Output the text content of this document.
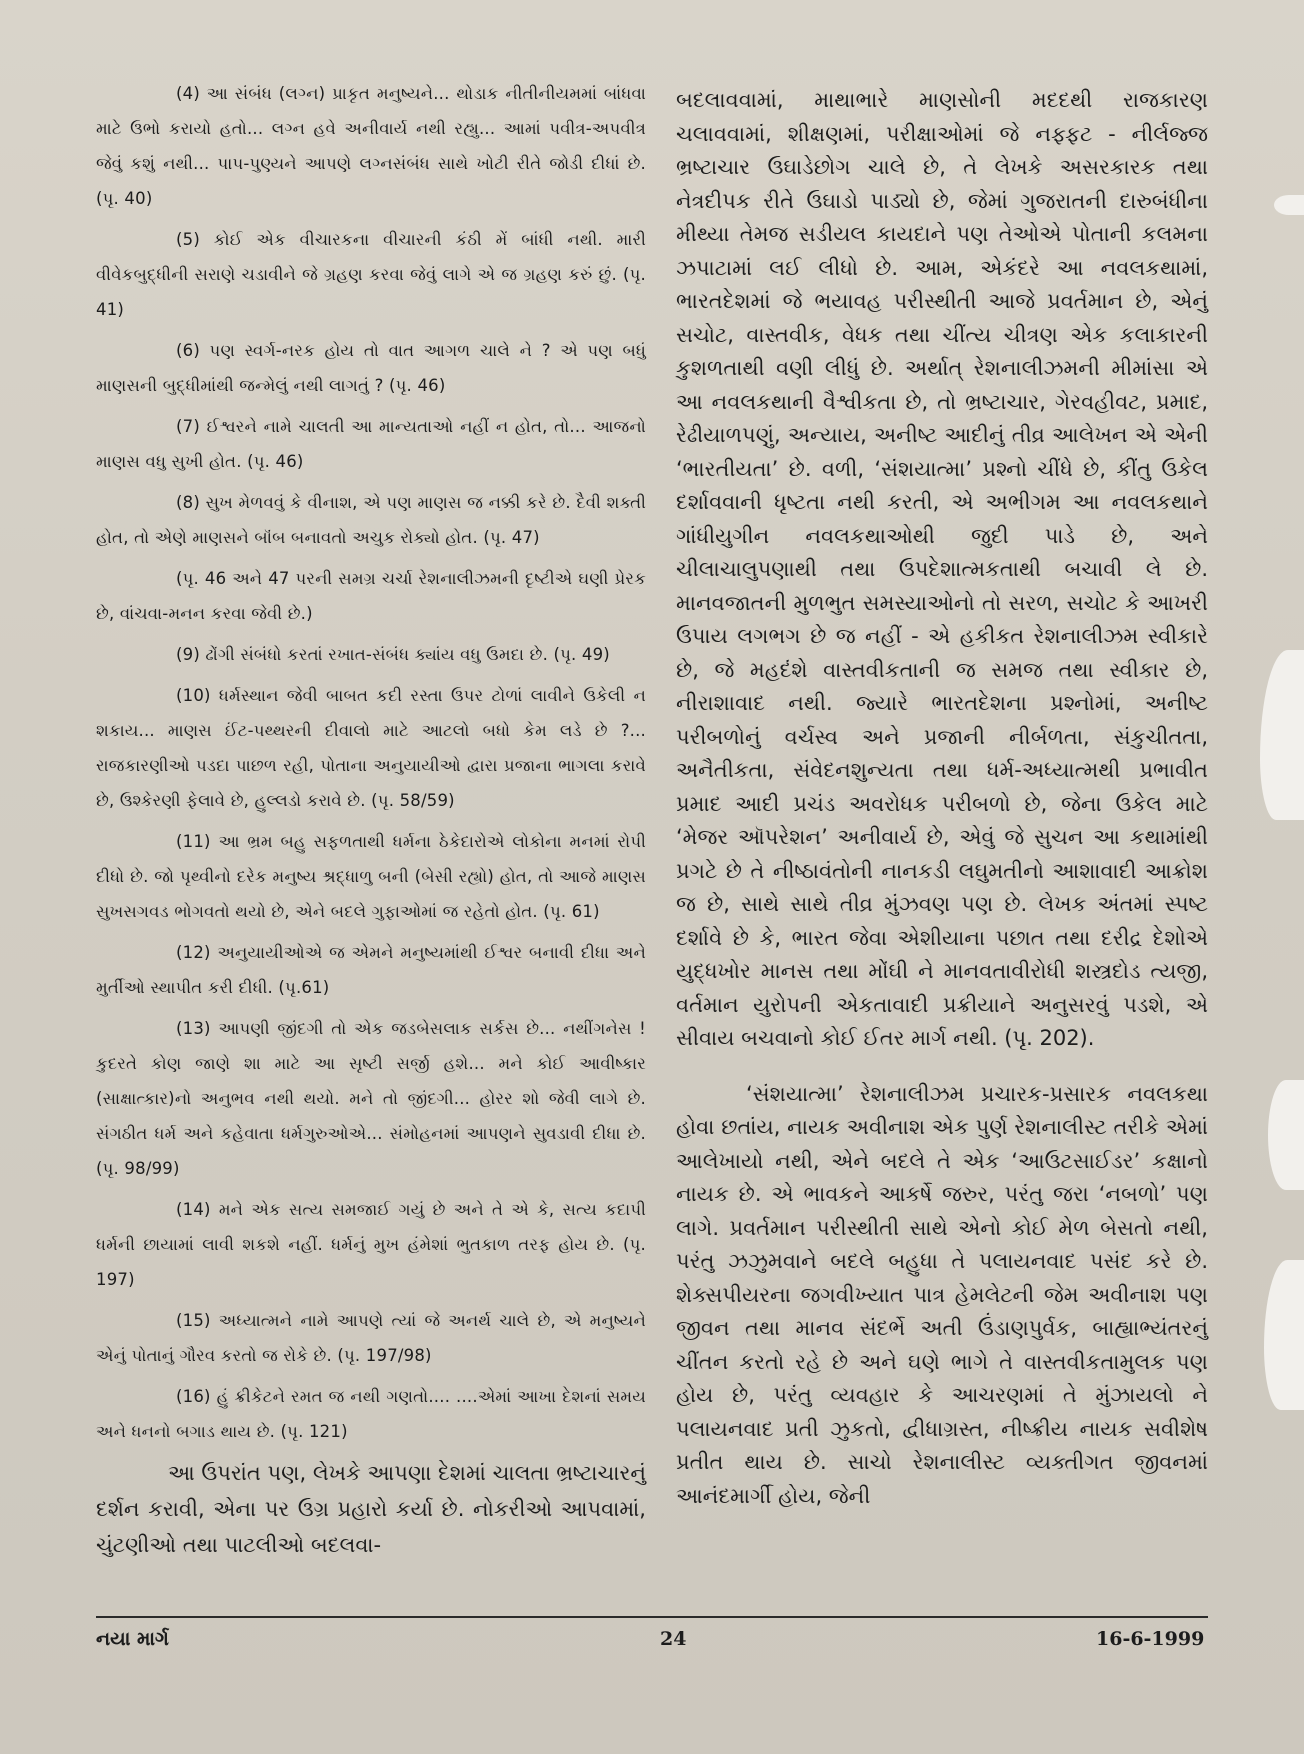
(4) આ સંબંધ (લગ્ન) પ્રાકૃત મનુષ્યને... થોડાક નીતીનીયમમાં બાંધવા માટે ઉભો કરાયો હતો... લગ્ન હવે અનીવાર્ય નથી રહ્યુ... આમાં પવીત્ર-અપવીત્ર જેવું કશું નથી... પાપ-પુણ્યને આપણે લગ્નસંબંધ સાથે ખોટી રીતે જોડી દીધાં છે. (પૃ. 40)

(5) કોઈ એક વીચારકના વીચારની કંઠી મેં બાંધી નથી. મારી વીવેકબુદ્ધીની સરાણે ચડાવીને જે ગ્રહણ કરવા જેવું લાગે એ જ ગ્રહણ કરું છું. (પૃ. 41)

(6) પણ સ્વર્ગ-નરક હોય તો વાત આગળ ચાલે ને ? એ પણ બધું માણસની બુદ્ધીમાંથી જન્મેલું નથી લાગતું ? (પૃ. 46)

(7) ઈશ્વરને નામે ચાલતી આ માન્યતાઓ નહીં ન હોત, તો... આજનો માણસ વધુ સુખી હોત. (પૃ. 46)

(8) સુખ મેળવવું કે વીનાશ, એ પણ માણસ જ નક્કી કરે છે. દૈવી શક્તી હોત, તો એણે માણસને બૉંબ બનાવતો અચુક રોક્યો હોત. (પૃ. 47)

(પૃ. 46 અને 47 પરની સમગ્ર ચર્ચા રેશનાલીઝમની દૃષ્ટીએ ઘણી પ્રેરક છે, વાંચવા-મનન કરવા જેવી છે.)

(9) ઢોંગી સંબંધો કરતાં રખાત-સંબંધ ક્યાંય વધુ ઉમદા છે. (પૃ. 49)

(10) ધર્મસ્થાન જેવી બાબત કદી રસ્તા ઉપર ટોળાં લાવીને ઉકેલી ન શકાય... માણસ ઈંટ-પથ્થરની દીવાલો માટે આટલો બધો કેમ લડે છે ?... રાજકારણીઓ પડદા પાછળ રહી, પોતાના અનુયાયીઓ દ્વારા પ્રજાના ભાગલા કરાવે છે, ઉશ્કેરણી ફેલાવે છે, હુલ્લડો કરાવે છે. (પૃ. 58/59)

(11) આ ભ્રમ બહુ સફળતાથી ધર્મના ઠેકેદારોએ લોકોના મનમાં રોપી દીધો છે. જો પૃથ્વીનો દરેક મનુષ્ય શ્રદ્ધાળુ બની (બેસી રહ્યો) હોત, તો આજે માણસ સુખસગવડ ભોગવતો થયો છે, એને બદલે ગુફાઓમાં જ રહેતો હોત. (પૃ. 61)

(12) અનુયાયીઓએ જ એમને મનુષ્યમાંથી ઈશ્વર બનાવી દીધા અને મુર્તીઓ સ્થાપીત કરી દીધી. (પૃ.61)

(13) આપણી જીંદગી તો એક જડબેસલાક સર્કસ છે... નથીંગનેસ ! કુદરતે કોણ જાણે શા માટે આ સૃષ્ટી સર્જી હશે... મને કોઈ આવીષ્કાર (સાક્ષાત્કાર)નો અનુભવ નથી થયો. મને તો જીંદગી... હોરર શો જેવી લાગે છે. સંગઠીત ધર્મ અને કહેવાતા ધર્મગુરુઓએ... સંમોહનમાં આપણને સુવડાવી દીધા છે. (પૃ. 98/99)

(14) મને એક સત્ય સમજાઈ ગયું છે અને તે એ કે, સત્ય કદાપી ધર્મની છાયામાં લાવી શકશે નહીં. ધર્મનું મુખ હંમેશાં ભુતકાળ તરફ હોય છે. (પૃ. 197)

(15) અધ્યાત્મને નામે આપણે ત્યાં જે અનર્થ ચાલે છે, એ મનુષ્યને એનું પોતાનું ગૌરવ કરતો જ રોકે છે. (પૃ. 197/98)

(16) હું ક્રીકેટને રમત જ નથી ગણતો.... ....એમાં આખા દેશનાં સમય અને ધનનો બગાડ થાય છે. (પૃ. 121)

આ ઉપરાંત પણ, લેખકે આપણા દેશમાં ચાલતા ભ્રષ્ટાચારનું દર્શન કરાવી, એના પર ઉગ્ર પ્રહારો કર્યા છે. નોકરીઓ આપવામાં, ચુંટણીઓ તથા પાટલીઓ બદલવા-

બદલાવવામાં, માથાભારે માણસોની મદદથી રાજકારણ ચલાવવામાં, શીક્ષણમાં, પરીક્ષાઓમાં જે નફ્ફટ - નીર્લજ્જ ભ્રષ્ટાચાર ઉઘાડેછોગ ચાલે છે, તે લેખકે અસરકારક તથા નેત્રદીપક રીતે ઉઘાડો પાડ્યો છે, જેમાં ગુજરાતની દારુબંધીના મીથ્યા તેમજ સડીયલ કાયદાને પણ તેઓએ પોતાની કલમના ઝપાટામાં લઈ લીધો છે. આમ, એકંદરે આ નવલકથામાં, ભારતદેશમાં જે ભયાવહ પરીસ્થીતી આજે પ્રવર્તમાન છે, એનું સચોટ, વાસ્તવીક, વેધક તથા ચીંત્ય ચીત્રણ એક કલાકારની કુશળતાથી વણી લીધું છે. અર્થાત્ રેશનાલીઝમની મીમાંસા એ આ નવલકથાની વૈશ્વીકતા છે, તો ભ્રષ્ટાચાર, ગેરવહીવટ, પ્રમાદ, રેઢીયાળપણું, અન્યાય, અનીષ્ટ આદીનું તીવ્ર આલેખન એ એની ‘ભારતીયતા’ છે. વળી, ‘સંશયાત્મા’ પ્રશ્નો ચીંધે છે, કીંતુ ઉકેલ દર્શાવવાની ધૃષ્ટતા નથી કરતી, એ અભીગમ આ નવલકથાને ગાંધીયુગીન નવલકથાઓથી જુદી પાડે છે, અને ચીલાચાલુપણાથી તથા ઉપદેશાત્મકતાથી બચાવી લે છે. માનવજાતની મુળભુત સમસ્યાઓનો તો સરળ, સચોટ કે આખરી ઉપાય લગભગ છે જ નહીં - એ હકીકત રેશનાલીઝમ સ્વીકારે છે, જે મહદંશે વાસ્તવીકતાની જ સમજ તથા સ્વીકાર છે, નીરાશાવાદ નથી. જ્યારે ભારતદેશના પ્રશ્નોમાં, અનીષ્ટ પરીબળોનું વર્ચસ્વ અને પ્રજાની નીર્બળતા, સંકુચીતતા, અનૈતીકતા, સંવેદનશુન્યતા તથા ધર્મ-અધ્યાત્મથી પ્રભાવીત પ્રમાદ આદી પ્રચંડ અવરોધક પરીબળો છે, જેના ઉકેલ માટે ‘મેજર ઑપરેશન’ અનીવાર્ય છે, એવું જે સુચન આ કથામાંથી પ્રગટે છે તે નીષ્ઠાવંતોની નાનકડી લઘુમતીનો આશાવાદી આક્રોશ જ છે, સાથે સાથે તીવ્ર મુંઝવણ પણ છે. લેખક અંતમાં સ્પષ્ટ દર્શાવે છે કે, ભારત જેવા એશીયાના પછાત તથા દરીદ્ર દેશોએ યુદ્ધખોર માનસ તથા મોંઘી ને માનવતાવીરોધી શસ્ત્રદોડ ત્યજી, વર્તમાન યુરોપની એકતાવાદી પ્રક્રીયાને અનુસરવું પડશે, એ સીવાય બચવાનો કોઈ ઈતર માર્ગ નથી. (પૃ. 202).

‘સંશયાત્મા’ રેશનાલીઝમ પ્રચારક-પ્રસારક નવલકથા હોવા છતાંય, નાયક અવીનાશ એક પુર્ણ રેશનાલીસ્ટ તરીકે એમાં આલેખાયો નથી, એને બદલે તે એક ‘આઉટસાઈડર’ કક્ષાનો નાયક છે. એ ભાવકને આકર્ષે જરુર, પરંતુ જરા ‘નબળો’ પણ લાગે. પ્રવર્તમાન પરીસ્થીતી સાથે એનો કોઈ મેળ બેસતો નથી, પરંતુ ઝઝુમવાને બદલે બહુધા તે પલાયનવાદ પસંદ કરે છે. શેક્સપીયરના જગવીખ્યાત પાત્ર હેમલેટની જેમ અવીનાશ પણ જીવન તથા માનવ સંદર્ભે અતી ઉંડાણપુર્વક, બાહ્યાભ્યંતરનું ચીંતન કરતો રહે છે અને ઘણે ભાગે તે વાસ્તવીકતામુલક પણ હોય છે, પરંતુ વ્યવહાર કે આચરણમાં તે મુંઝાયલો ને પલાયનવાદ પ્રતી ઝુકતો, દ્વીધાગ્રસ્ત, નીષ્ક્રીય નાયક સવીશેષ પ્રતીત થાય છે. સાચો રેશનાલીસ્ટ વ્યક્તીગત જીવનમાં આનંદમાર્ગી હોય, જેની

નયા માર્ગ	24	16-6-1999
